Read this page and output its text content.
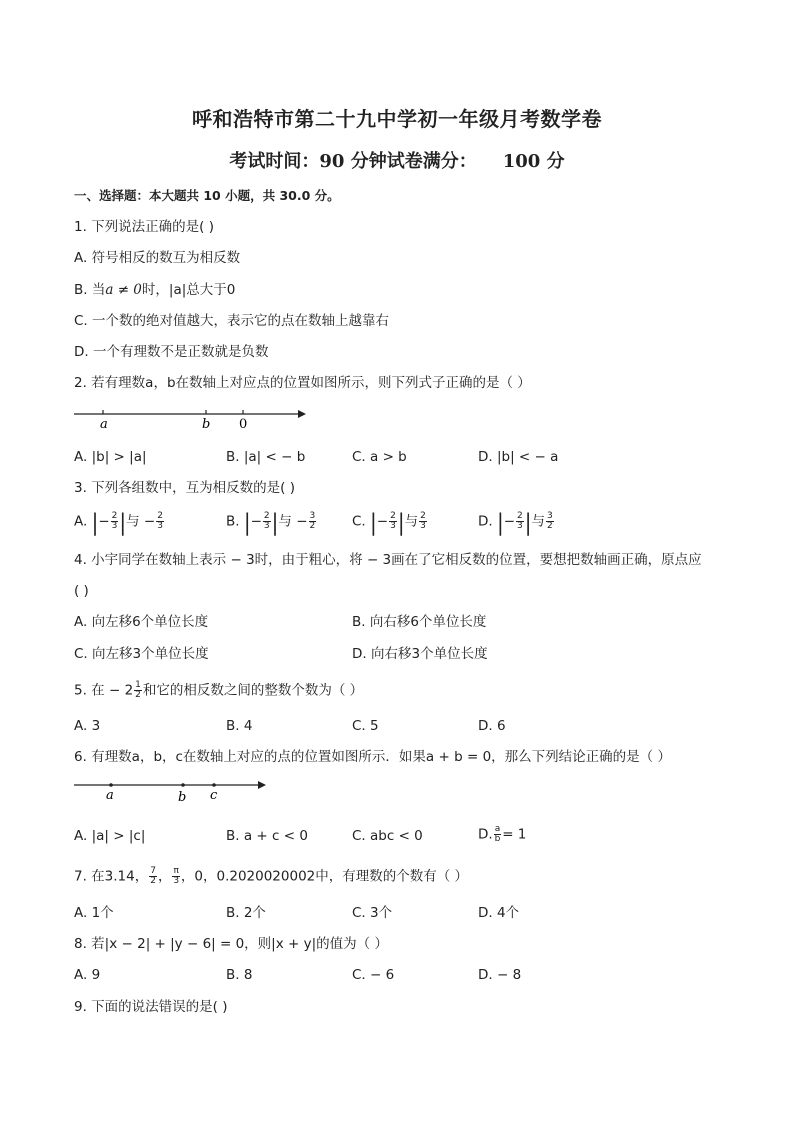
呼和浩特市第二十九中学初一年级月考数学卷
考试时间：90 分钟试卷满分： 100 分
一、选择题：本大题共 10 小题，共 30.0 分。
1. 下列说法正确的是( )
A. 符号相反的数互为相反数
B. 当a ≠ 0时，|a|总大于0
C. 一个数的绝对值越大，表示它的点在数轴上越靠右
D. 一个有理数不是正数就是负数
2. 若有理数a，b在数轴上对应点的位置如图所示，则下列式子正确的是（ ）
a	b 0
A. |b| > |a|	B. |a| < − b	C. a > b	D. |b| < − a
3. 下列各组数中，互为相反数的是( )
A. |− $\frac{2}{3}$ |与 − $\frac{2}{3}$	B. |− $\frac{2}{3}$ |与 − $\frac{3}{2}$	C. |− $\frac{2}{3}$ |与 $\frac{2}{3}$	D. |− $\frac{2}{3}$ |与 $\frac{3}{2}$
4. 小宇同学在数轴上表示 − 3时，由于粗心，将 − 3画在了它相反数的位置，要想把数轴画正确，原点应
( )
A. 向左移6个单位长度	B. 向右移6个单位长度
C. 向左移3个单位长度	D. 向右移3个单位长度
5. 在 − $2 \frac{1}{2}$ 和它的相反数之间的整数个数为（ ）
A. 3	B. 4	C. 5	D. 6
6. 有理数a，b，c在数轴上对应的点的位置如图所示．如果a + b = 0，那么下列结论正确的是（ ）
a	b c
A. |a| > |c|	B. a + c < 0	C. abc < 0	D. $\frac{a}{b} = 1$
7. 在3.14， $\frac{7}{2}$ ， $\frac{\pi}{3}$ ，0，0.2020020002中，有理数的个数有（ ）
A. 1个	B. 2个	C. 3个	D. 4个
8. 若|x − 2| + |y − 6| = 0，则|x + y|的值为（ ）
A. 9	B. 8	C. − 6	D. − 8
9. 下面的说法错误的是( )
